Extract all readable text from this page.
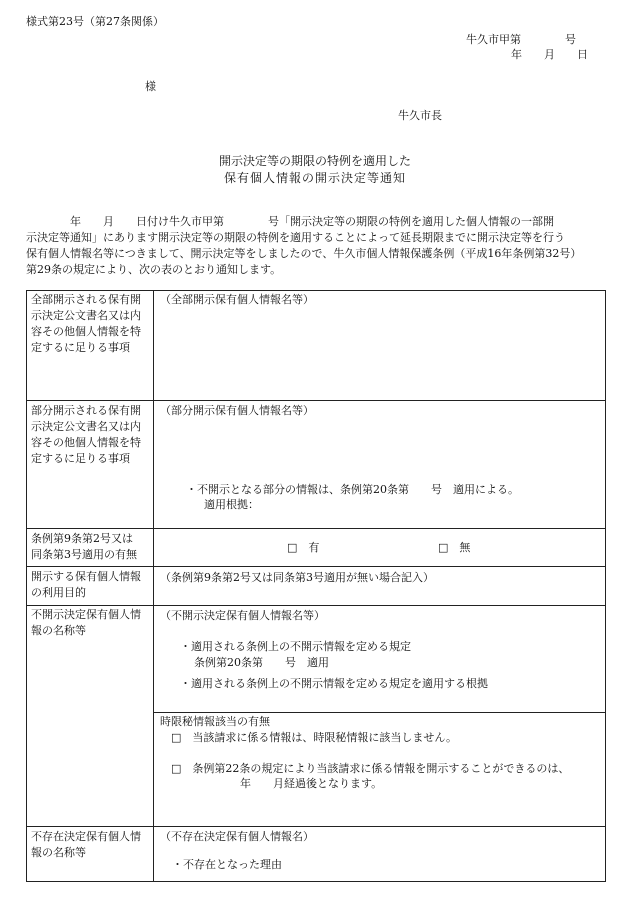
様式第23号（第27条関係）
牛久市甲第　　　　号
年　　月　　日
様
牛久市長
開示決定等の期限の特例を適用した
保有個人情報の開示決定等通知
　　　　年　　月　　日付け牛久市甲第　　　　号「開示決定等の期限の特例を適用した個人情報の一部開
示決定等通知」にあります開示決定等の期限の特例を適用することによって延長期限までに開示決定等を行う
保有個人情報名等につきまして、開示決定等をしましたので、牛久市個人情報保護条例（平成16年条例第32号）
第29条の規定により、次の表のとおり通知します。
全部開示される保有開
示決定公文書名又は内
容その他個人情報を特
定するに足りる事項
（全部開示保有個人情報名等）
部分開示される保有開
示決定公文書名又は内
容その他個人情報を特
定するに足りる事項
（部分開示保有個人情報名等）
・不開示となる部分の情報は、条例第20条第　　号　適用による。
適用根拠：
条例第9条第2号又は
同条第3号適用の有無
□　有	□　無
開示する保有個人情報
の利用目的
（条例第9条第2号又は同条第3号適用が無い場合記入）
不開示決定保有個人情
報の名称等
（不開示決定保有個人情報名等）
・適用される条例上の不開示情報を定める規定
条例第20条第　　号　適用
・適用される条例上の不開示情報を定める規定を適用する根拠
時限秘情報該当の有無
□　当該請求に係る情報は、時限秘情報に該当しません。
□　条例第22条の規定により当該請求に係る情報を開示することができるのは、
年　　月経過後となります。
不存在決定保有個人情
報の名称等
（不存在決定保有個人情報名）
・不存在となった理由
